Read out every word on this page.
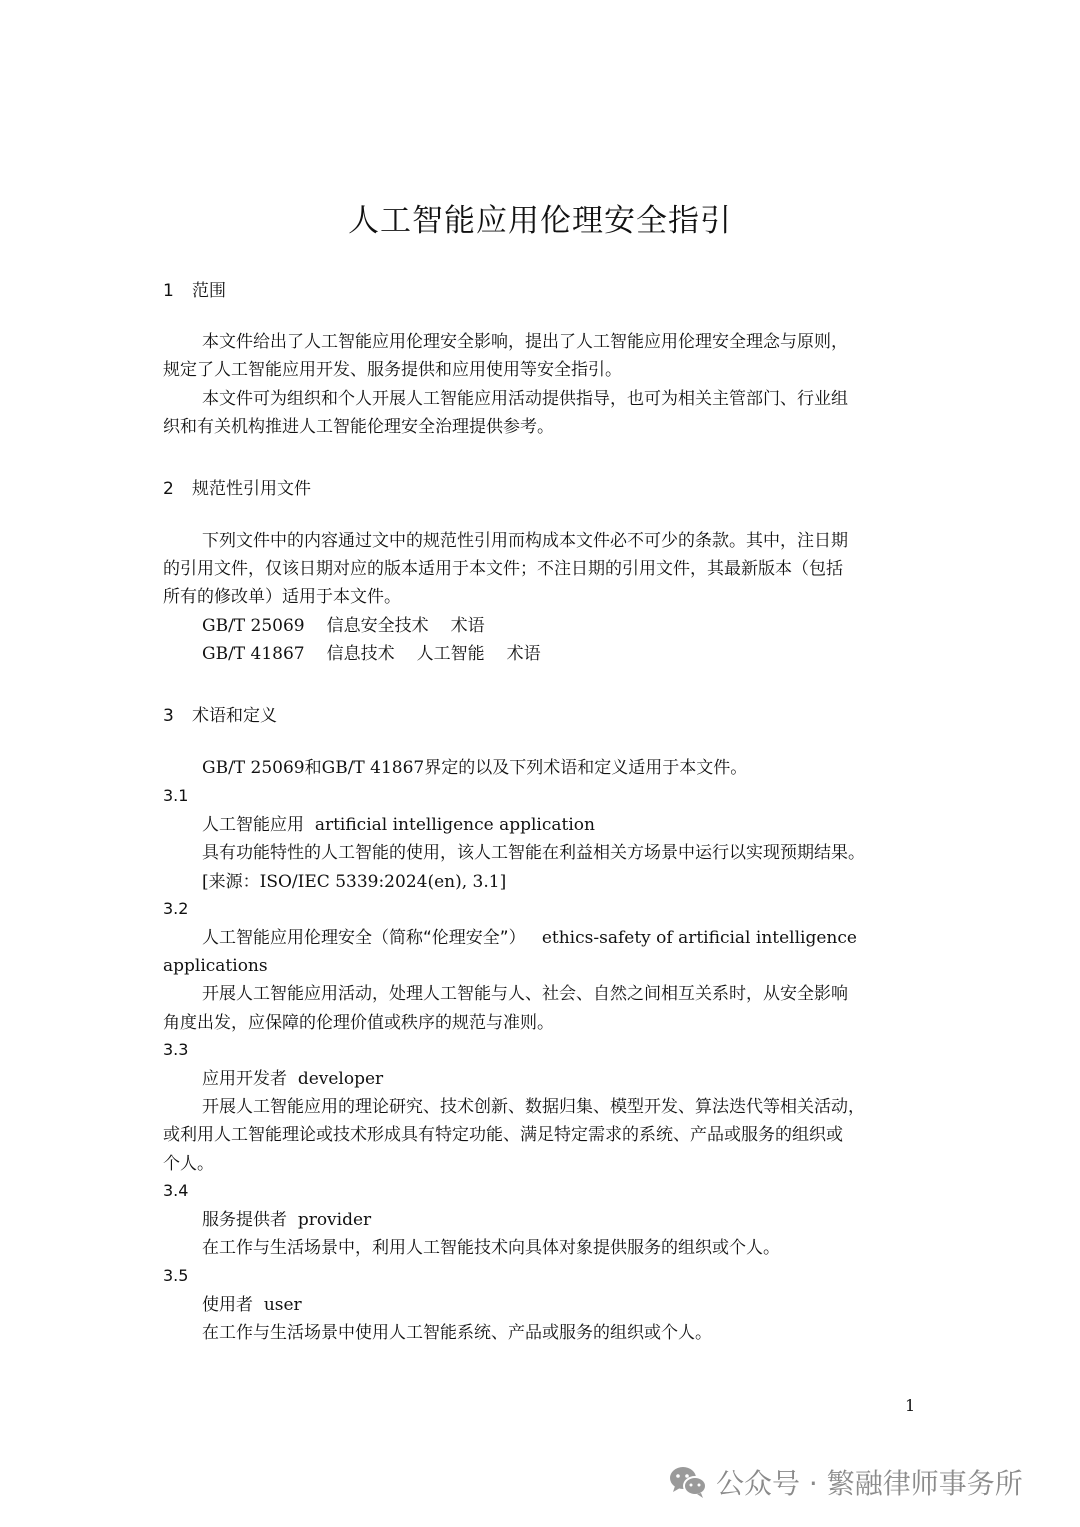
人工智能应用伦理安全指引
1 范围
本文件给出了人工智能应用伦理安全影响，提出了人工智能应用伦理安全理念与原则，
规定了人工智能应用开发、服务提供和应用使用等安全指引。
本文件可为组织和个人开展人工智能应用活动提供指导，也可为相关主管部门、行业组
织和有关机构推进人工智能伦理安全治理提供参考。
2 规范性引用文件
下列文件中的内容通过文中的规范性引用而构成本文件必不可少的条款。其中，注日期
的引用文件，仅该日期对应的版本适用于本文件；不注日期的引用文件，其最新版本（包括
所有的修改单）适用于本文件。
GB/T 25069 信息安全技术 术语
GB/T 41867 信息技术 人工智能 术语
3 术语和定义
GB/T 25069和GB/T 41867界定的以及下列术语和定义适用于本文件。
3.1
人工智能应用 artificial intelligence application
具有功能特性的人工智能的使用，该人工智能在利益相关方场景中运行以实现预期结果。
[来源：ISO/IEC 5339:2024(en), 3.1]
3.2
人工智能应用伦理安全（简称“伦理安全”） ethics-safety of artificial intelligence
applications
开展人工智能应用活动，处理人工智能与人、社会、自然之间相互关系时，从安全影响
角度出发，应保障的伦理价值或秩序的规范与准则。
3.3
应用开发者 developer
开展人工智能应用的理论研究、技术创新、数据归集、模型开发、算法迭代等相关活动，
或利用人工智能理论或技术形成具有特定功能、满足特定需求的系统、产品或服务的组织或
个人。
3.4
服务提供者 provider
在工作与生活场景中，利用人工智能技术向具体对象提供服务的组织或个人。
3.5
使用者 user
在工作与生活场景中使用人工智能系统、产品或服务的组织或个人。
1
公众号 · 繁融律师事务所
